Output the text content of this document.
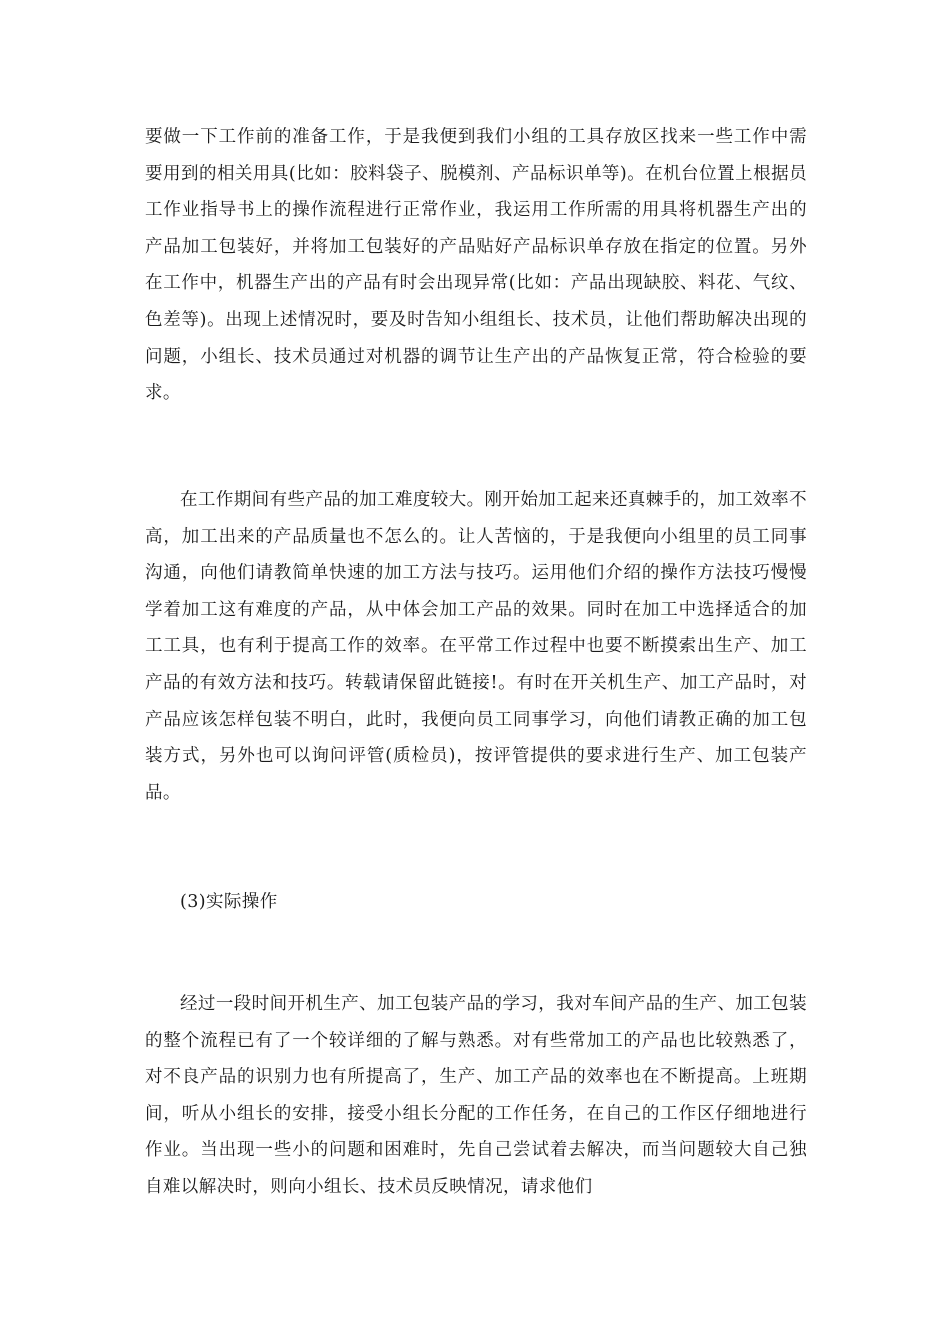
要做一下工作前的准备工作，于是我便到我们小组的工具存放区找来一些工作中需要用到的相关用具(比如：胶料袋子、脱模剂、产品标识单等)。在机台位置上根据员工作业指导书上的操作流程进行正常作业，我运用工作所需的用具将机器生产出的产品加工包装好，并将加工包装好的产品贴好产品标识单存放在指定的位置。另外在工作中，机器生产出的产品有时会出现异常(比如：产品出现缺胶、料花、气纹、色差等)。出现上述情况时，要及时告知小组组长、技术员，让他们帮助解决出现的问题，小组长、技术员通过对机器的调节让生产出的产品恢复正常，符合检验的要求。

在工作期间有些产品的加工难度较大。刚开始加工起来还真棘手的，加工效率不高，加工出来的产品质量也不怎么的。让人苦恼的，于是我便向小组里的员工同事沟通，向他们请教简单快速的加工方法与技巧。运用他们介绍的操作方法技巧慢慢学着加工这有难度的产品，从中体会加工产品的效果。同时在加工中选择适合的加工工具，也有利于提高工作的效率。在平常工作过程中也要不断摸索出生产、加工产品的有效方法和技巧。转载请保留此链接!。有时在开关机生产、加工产品时，对产品应该怎样包装不明白，此时，我便向员工同事学习，向他们请教正确的加工包装方式，另外也可以询问评管(质检员)，按评管提供的要求进行生产、加工包装产品。

(3)实际操作

经过一段时间开机生产、加工包装产品的学习，我对车间产品的生产、加工包装的整个流程已有了一个较详细的了解与熟悉。对有些常加工的产品也比较熟悉了，对不良产品的识别力也有所提高了，生产、加工产品的效率也在不断提高。上班期间，听从小组长的安排，接受小组长分配的工作任务，在自己的工作区仔细地进行作业。当出现一些小的问题和困难时，先自己尝试着去解决，而当问题较大自己独自难以解决时，则向小组长、技术员反映情况，请求他们
